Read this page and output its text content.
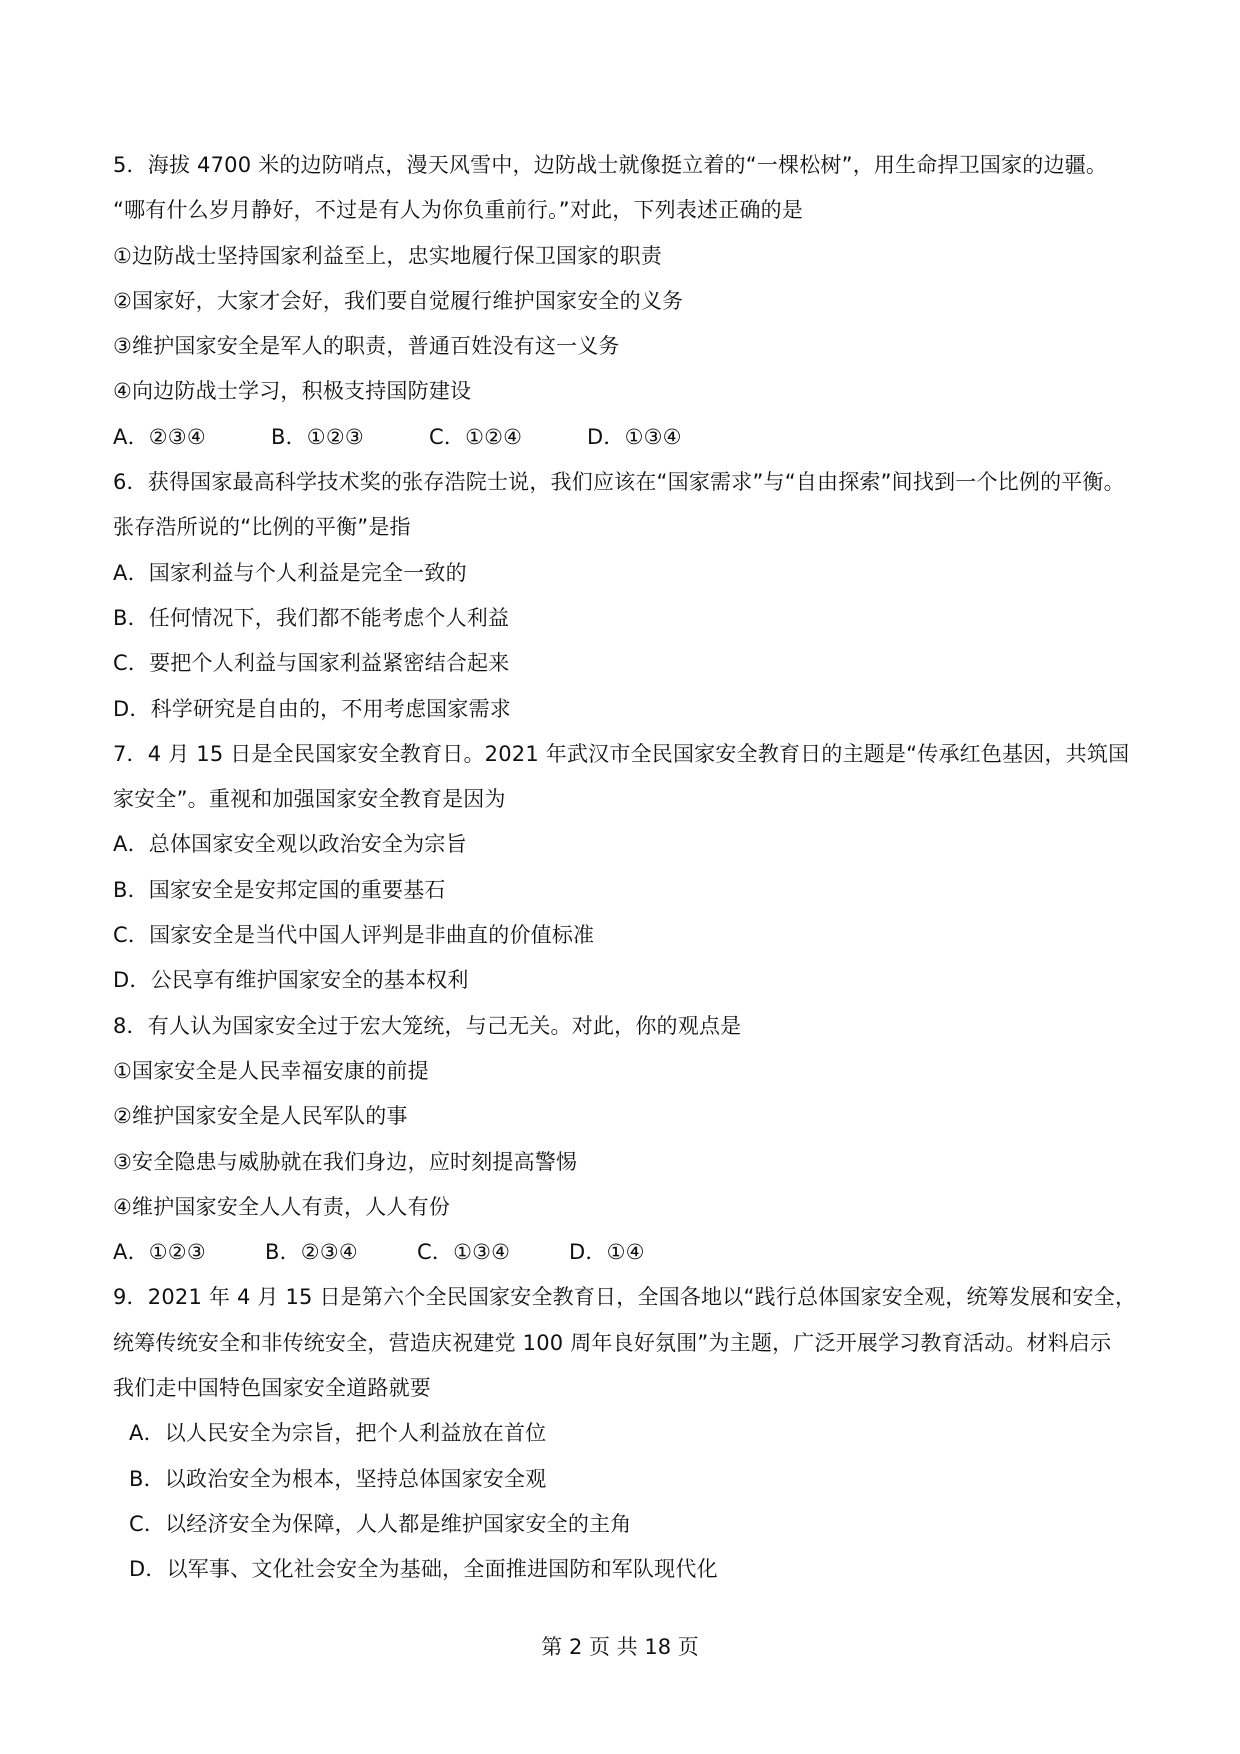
5．海拔 4700 米的边防哨点，漫天风雪中，边防战士就像挺立着的“一棵松树”，用生命捍卫国家的边疆。
“哪有什么岁月静好，不过是有人为你负重前行。”对此，下列表述正确的是
①边防战士坚持国家利益至上，忠实地履行保卫国家的职责
②国家好，大家才会好，我们要自觉履行维护国家安全的义务
③维护国家安全是军人的职责，普通百姓没有这一义务
④向边防战士学习，积极支持国防建设
A．②③④	B．①②③	C．①②④	D．①③④
6．获得国家最高科学技术奖的张存浩院士说，我们应该在“国家需求”与“自由探索”间找到一个比例的平衡。
张存浩所说的“比例的平衡”是指
A．国家利益与个人利益是完全一致的
B．任何情况下，我们都不能考虑个人利益
C．要把个人利益与国家利益紧密结合起来
D．科学研究是自由的，不用考虑国家需求
7．4 月 15 日是全民国家安全教育日。2021 年武汉市全民国家安全教育日的主题是“传承红色基因，共筑国
家安全”。重视和加强国家安全教育是因为
A．总体国家安全观以政治安全为宗旨
B．国家安全是安邦定国的重要基石
C．国家安全是当代中国人评判是非曲直的价值标准
D．公民享有维护国家安全的基本权利
8．有人认为国家安全过于宏大笼统，与己无关。对此，你的观点是
①国家安全是人民幸福安康的前提
②维护国家安全是人民军队的事
③安全隐患与威胁就在我们身边，应时刻提高警惕
④维护国家安全人人有责，人人有份
A．①②③	B．②③④	C．①③④	D．①④
9．2021 年 4 月 15 日是第六个全民国家安全教育日，全国各地以“践行总体国家安全观，统筹发展和安全，
统筹传统安全和非传统安全，营造庆祝建党 100 周年良好氛围”为主题，广泛开展学习教育活动。材料启示
我们走中国特色国家安全道路就要
A．以人民安全为宗旨，把个人利益放在首位
B．以政治安全为根本，坚持总体国家安全观
C．以经济安全为保障，人人都是维护国家安全的主角
D．以军事、文化社会安全为基础，全面推进国防和军队现代化
第 2 页 共 18 页
